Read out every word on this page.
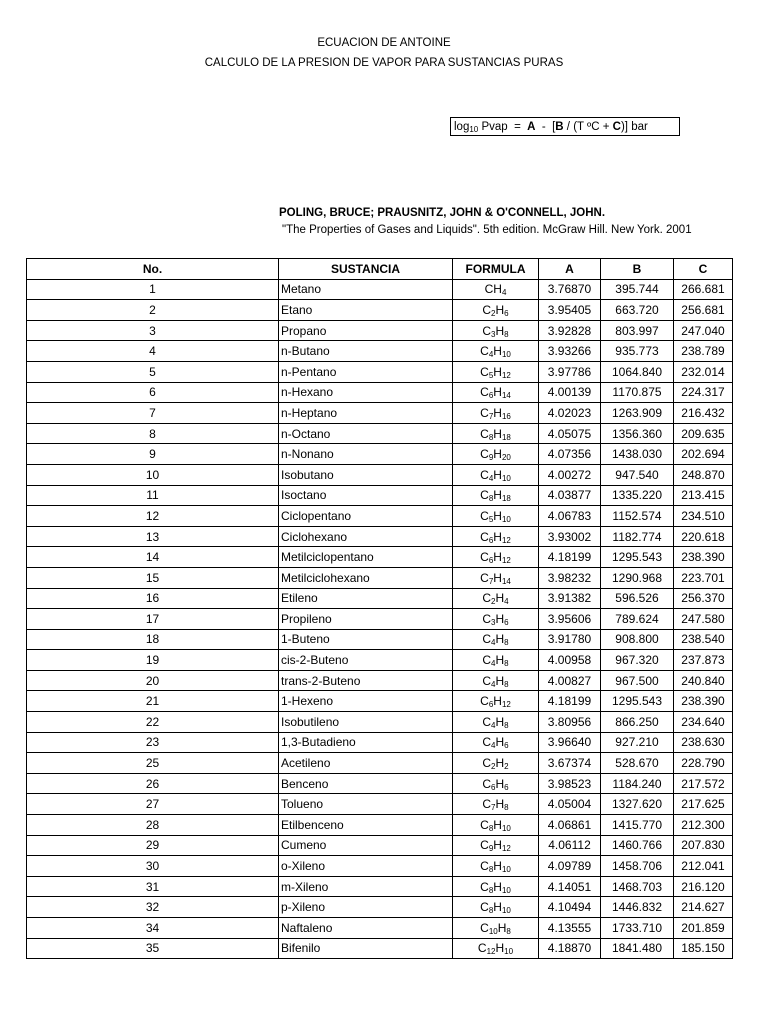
ECUACION DE ANTOINE
CALCULO DE LA PRESION DE VAPOR PARA SUSTANCIAS PURAS
$\log_{10}$ Pvap  =  A  -  [B / (T ºC + C)] bar
POLING, BRUCE; PRAUSNITZ, JOHN & O'CONNELL, JOHN.
"The Properties of Gases and Liquids". 5th edition. McGraw Hill. New York. 2001
No.	SUSTANCIA	FORMULA	A	B	C
1	Metano	$CH_4$	3.76870	395.744	266.681
2	Etano	$C_2H_6$	3.95405	663.720	256.681
3	Propano	$C_3H_8$	3.92828	803.997	247.040
4	n-Butano	$C_4H_{10}$	3.93266	935.773	238.789
5	n-Pentano	$C_5H_{12}$	3.97786	1064.840	232.014
6	n-Hexano	$C_6H_{14}$	4.00139	1170.875	224.317
7	n-Heptano	$C_7H_{16}$	4.02023	1263.909	216.432
8	n-Octano	$C_8H_{18}$	4.05075	1356.360	209.635
9	n-Nonano	$C_9H_{20}$	4.07356	1438.030	202.694
10	Isobutano	$C_4H_{10}$	4.00272	947.540	248.870
11	Isoctano	$C_8H_{18}$	4.03877	1335.220	213.415
12	Ciclopentano	$C_5H_{10}$	4.06783	1152.574	234.510
13	Ciclohexano	$C_6H_{12}$	3.93002	1182.774	220.618
14	Metilciclopentano	$C_6H_{12}$	4.18199	1295.543	238.390
15	Metilciclohexano	$C_7H_{14}$	3.98232	1290.968	223.701
16	Etileno	$C_2H_4$	3.91382	596.526	256.370
17	Propileno	$C_3H_6$	3.95606	789.624	247.580
18	1-Buteno	$C_4H_8$	3.91780	908.800	238.540
19	cis-2-Buteno	$C_4H_8$	4.00958	967.320	237.873
20	trans-2-Buteno	$C_4H_8$	4.00827	967.500	240.840
21	1-Hexeno	$C_6H_{12}$	4.18199	1295.543	238.390
22	Isobutileno	$C_4H_8$	3.80956	866.250	234.640
23	1,3-Butadieno	$C_4H_6$	3.96640	927.210	238.630
25	Acetileno	$C_2H_2$	3.67374	528.670	228.790
26	Benceno	$C_6H_6$	3.98523	1184.240	217.572
27	Tolueno	$C_7H_8$	4.05004	1327.620	217.625
28	Etilbenceno	$C_8H_{10}$	4.06861	1415.770	212.300
29	Cumeno	$C_9H_{12}$	4.06112	1460.766	207.830
30	o-Xileno	$C_8H_{10}$	4.09789	1458.706	212.041
31	m-Xileno	$C_8H_{10}$	4.14051	1468.703	216.120
32	p-Xileno	$C_8H_{10}$	4.10494	1446.832	214.627
34	Naftaleno	$C_{10}H_8$	4.13555	1733.710	201.859
35	Bifenilo	$C_{12}H_{10}$	4.18870	1841.480	185.150
